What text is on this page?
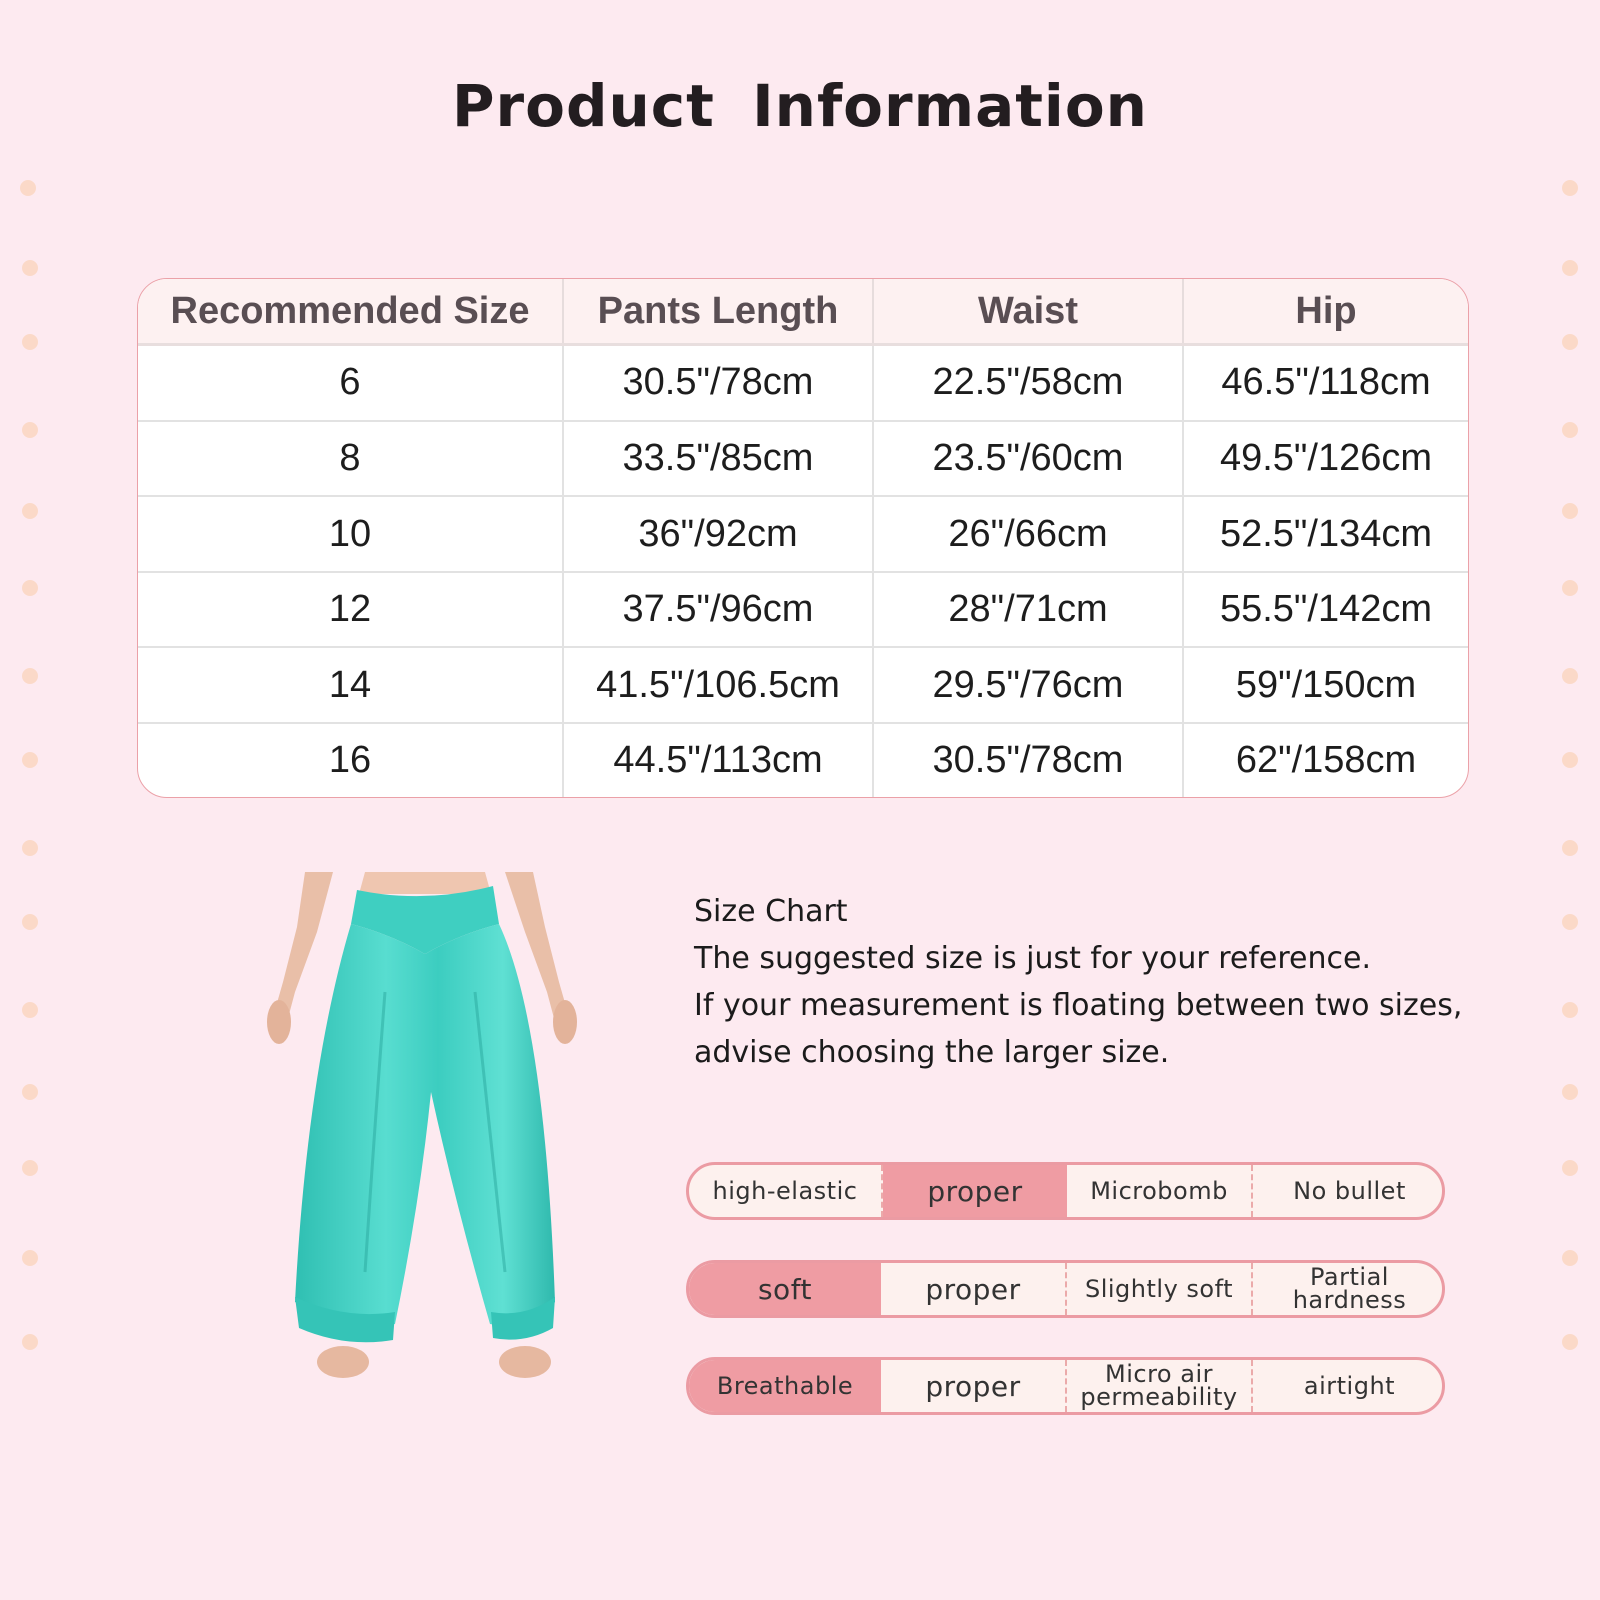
Product Information
Recommended Size	Pants Length	Waist	Hip
6	30.5"/78cm	22.5"/58cm	46.5"/118cm
8	33.5"/85cm	23.5"/60cm	49.5"/126cm
10	36"/92cm	26"/66cm	52.5"/134cm
12	37.5"/96cm	28"/71cm	55.5"/142cm
14	41.5"/106.5cm	29.5"/76cm	59"/150cm
16	44.5"/113cm	30.5"/78cm	62"/158cm
Size Chart
The suggested size is just for your reference.
If your measurement is floating between two sizes,
advise choosing the larger size.
high-elastic	proper	Microbomb	No bullet
soft	proper	Slightly soft	Partial hardness
Breathable	proper	Micro air permeability	airtight
